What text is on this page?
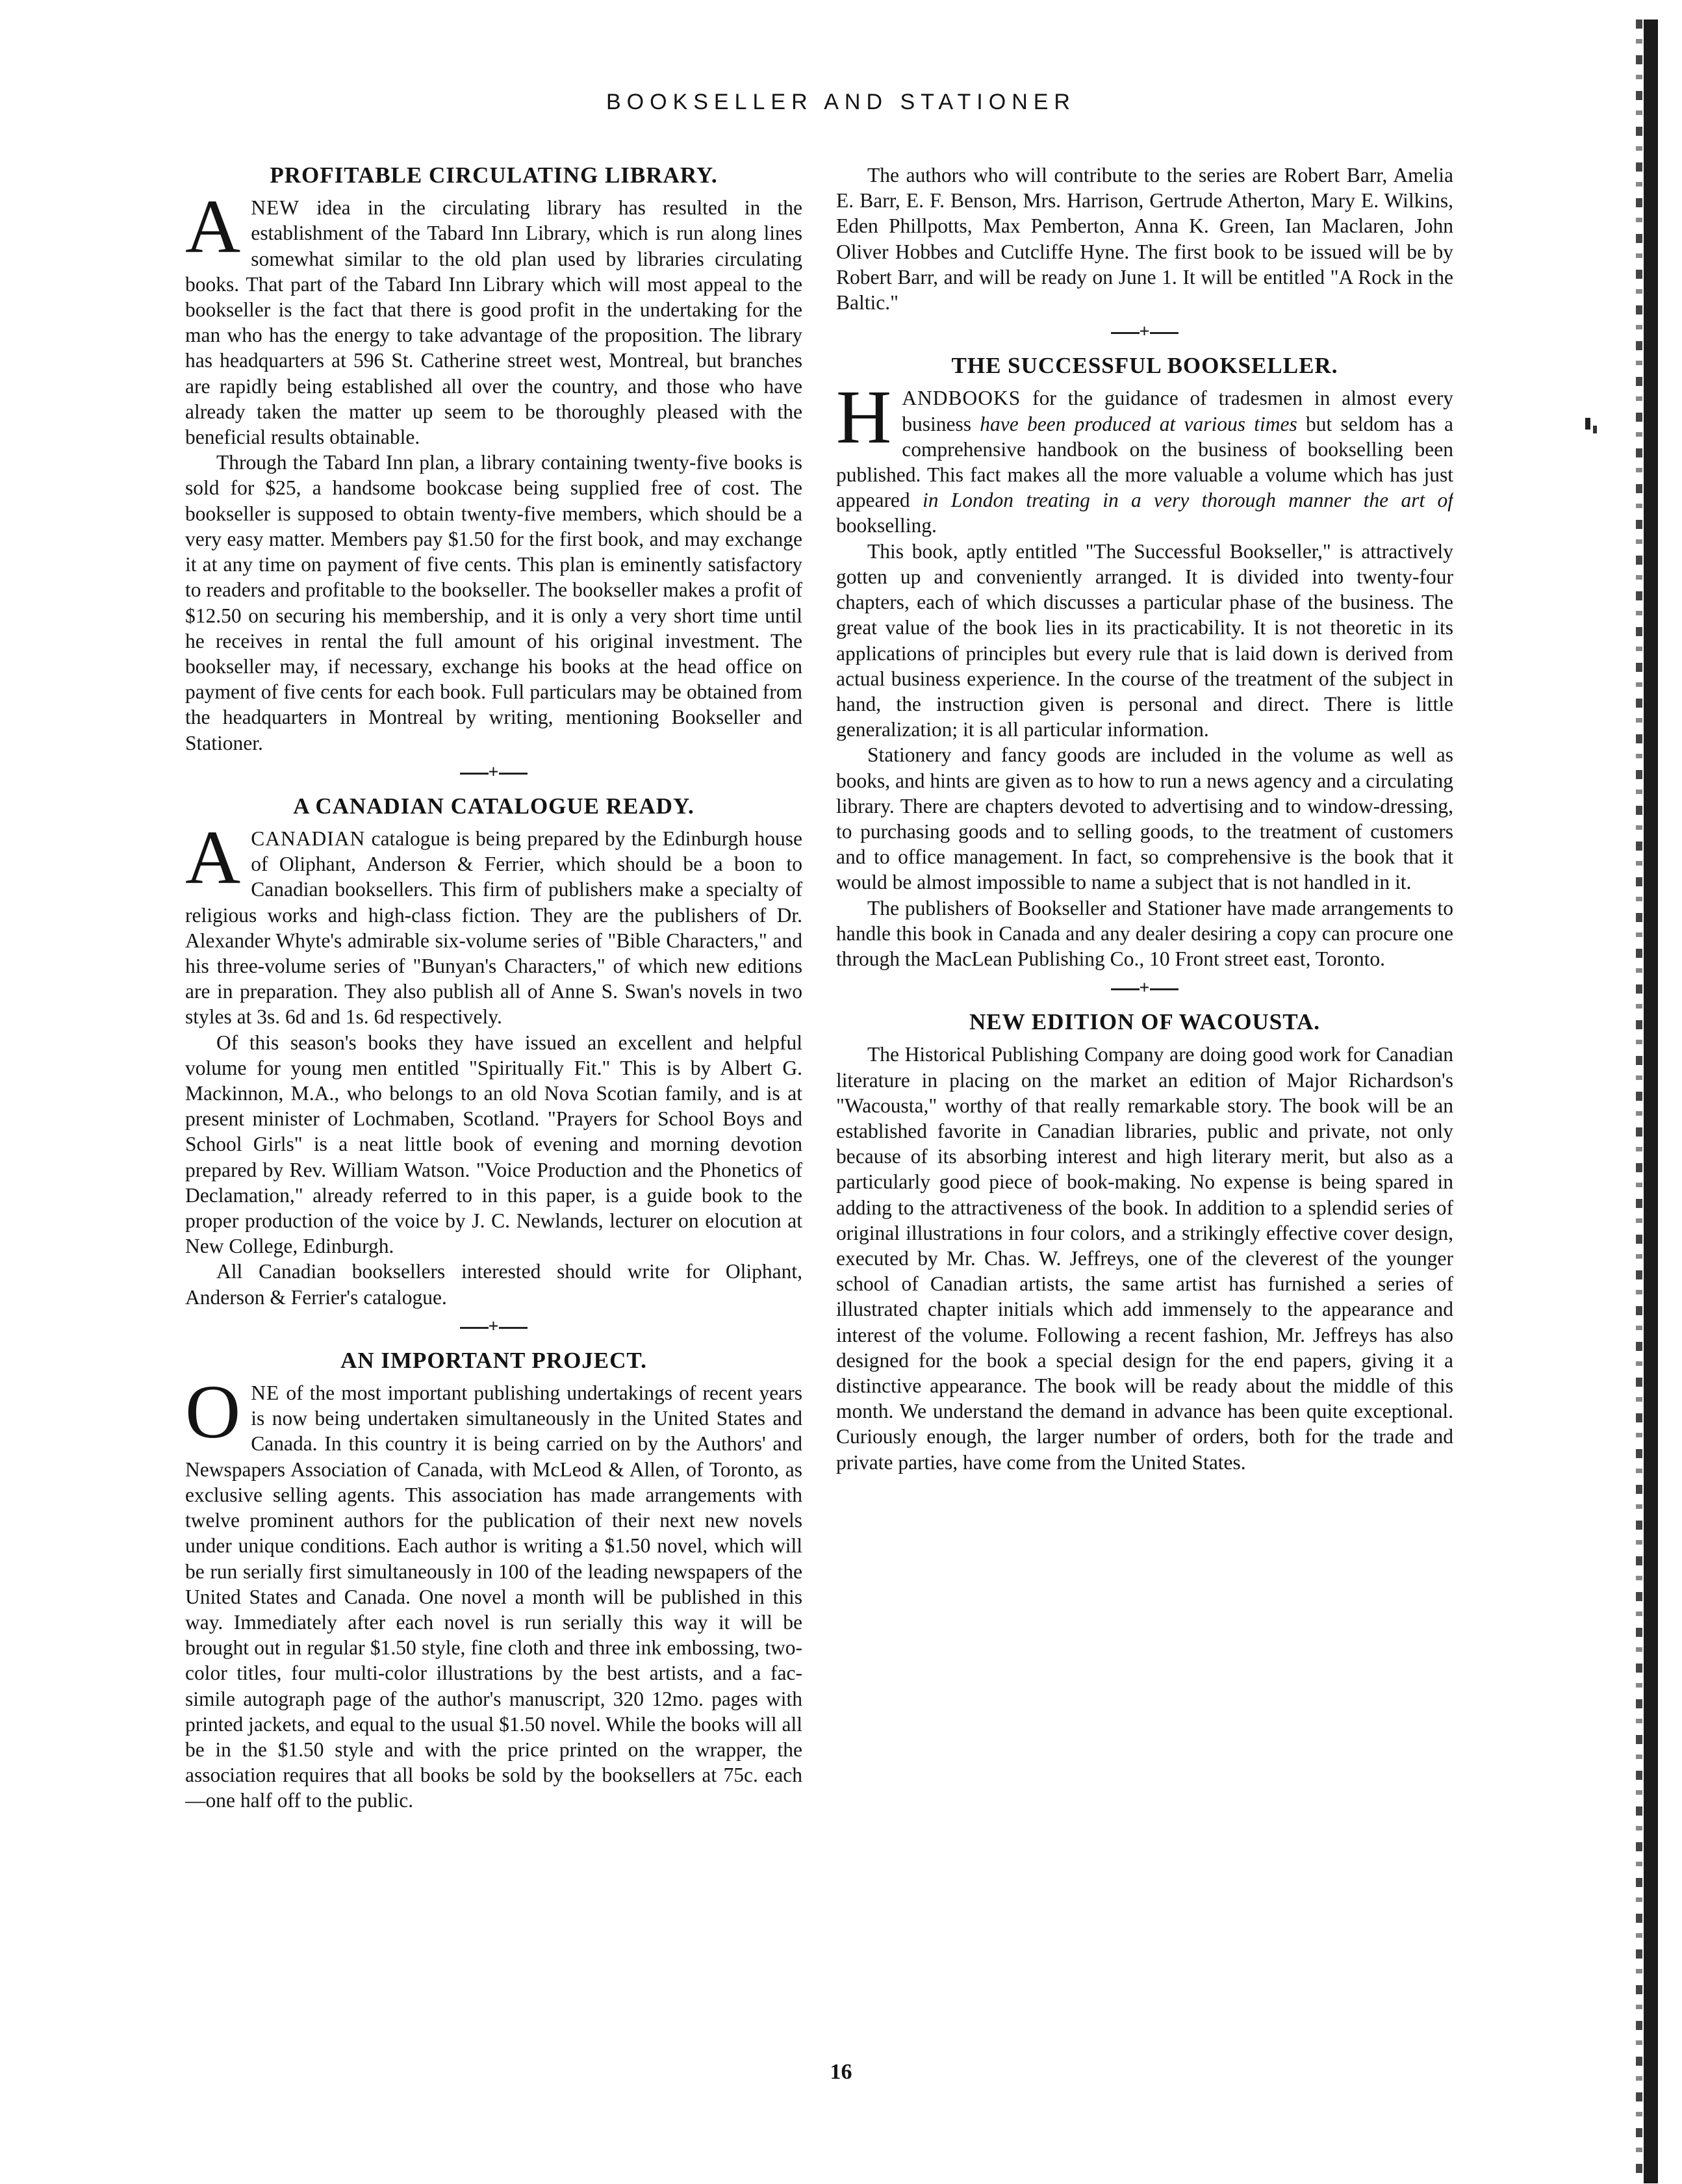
BOOKSELLER AND STATIONER
PROFITABLE CIRCULATING LIBRARY.

ANEW idea in the circulating library has resulted in the establishment of the Tabard Inn Library, which is run along lines somewhat similar to the old plan used by libraries circulating books. That part of the Tabard Inn Library which will most appeal to the bookseller is the fact that there is good profit in the undertaking for the man who has the energy to take advantage of the proposition. The library has headquarters at 596 St. Catherine street west, Montreal, but branches are rapidly being established all over the country, and those who have already taken the matter up seem to be thoroughly pleased with the beneficial results obtainable.

Through the Tabard Inn plan, a library containing twenty-five books is sold for $25, a handsome bookcase being supplied free of cost. The bookseller is supposed to obtain twenty-five members, which should be a very easy matter. Members pay $1.50 for the first book, and may exchange it at any time on payment of five cents. This plan is eminently satisfactory to readers and profitable to the bookseller. The bookseller makes a profit of $12.50 on securing his membership, and it is only a very short time until he receives in rental the full amount of his original investment. The bookseller may, if necessary, exchange his books at the head office on payment of five cents for each book. Full particulars may be obtained from the headquarters in Montreal by writing, mentioning Bookseller and Stationer.

+
A CANADIAN CATALOGUE READY.

ACANADIAN catalogue is being prepared by the Edinburgh house of Oliphant, Anderson & Ferrier, which should be a boon to Canadian booksellers. This firm of publishers make a specialty of religious works and high-class fiction. They are the publishers of Dr. Alexander Whyte's admirable six-volume series of "Bible Characters," and his three-volume series of "Bunyan's Characters," of which new editions are in preparation. They also publish all of Anne S. Swan's novels in two styles at 3s. 6d and 1s. 6d respectively.

Of this season's books they have issued an excellent and helpful volume for young men entitled "Spiritually Fit." This is by Albert G. Mackinnon, M.A., who belongs to an old Nova Scotian family, and is at present minister of Lochmaben, Scotland. "Prayers for School Boys and School Girls" is a neat little book of evening and morning devotion prepared by Rev. William Watson. "Voice Production and the Phonetics of Declamation," already referred to in this paper, is a guide book to the proper production of the voice by J. C. Newlands, lecturer on elocution at New College, Edinburgh.

All Canadian booksellers interested should write for Oliphant, Anderson & Ferrier's catalogue.

+
AN IMPORTANT PROJECT.

ONE of the most important publishing undertakings of recent years is now being undertaken simultaneously in the United States and Canada. In this country it is being carried on by the Authors' and Newspapers Association of Canada, with McLeod & Allen, of Toronto, as exclusive selling agents. This association has made arrangements with twelve prominent authors for the publication of their next new novels under unique conditions. Each author is writing a $1.50 novel, which will be run serially first simultaneously in 100 of the leading newspapers of the United States and Canada. One novel a month will be published in this way. Immediately after each novel is run serially this way it will be brought out in regular $1.50 style, fine cloth and three ink embossing, two-color titles, four multi-color illustrations by the best artists, and a fac-simile autograph page of the author's manuscript, 320 12mo. pages with printed jackets, and equal to the usual $1.50 novel. While the books will all be in the $1.50 style and with the price printed on the wrapper, the association requires that all books be sold by the booksellers at 75c. each—one half off to the public.

The authors who will contribute to the series are Robert Barr, Amelia E. Barr, E. F. Benson, Mrs. Harrison, Gertrude Atherton, Mary E. Wilkins, Eden Phillpotts, Max Pemberton, Anna K. Green, Ian Maclaren, John Oliver Hobbes and Cutcliffe Hyne. The first book to be issued will be by Robert Barr, and will be ready on June 1. It will be entitled "A Rock in the Baltic."

+
THE SUCCESSFUL BOOKSELLER.

HANDBOOKS for the guidance of tradesmen in almost every business have been produced at various times but seldom has a comprehensive handbook on the business of bookselling been published. This fact makes all the more valuable a volume which has just appeared in London treating in a very thorough manner the art of bookselling.

This book, aptly entitled "The Successful Bookseller," is attractively gotten up and conveniently arranged. It is divided into twenty-four chapters, each of which discusses a particular phase of the business. The great value of the book lies in its practicability. It is not theoretic in its applications of principles but every rule that is laid down is derived from actual business experience. In the course of the treatment of the subject in hand, the instruction given is personal and direct. There is little generalization; it is all particular information.

Stationery and fancy goods are included in the volume as well as books, and hints are given as to how to run a news agency and a circulating library. There are chapters devoted to advertising and to window-dressing, to purchasing goods and to selling goods, to the treatment of customers and to office management. In fact, so comprehensive is the book that it would be almost impossible to name a subject that is not handled in it.

The publishers of Bookseller and Stationer have made arrangements to handle this book in Canada and any dealer desiring a copy can procure one through the MacLean Publishing Co., 10 Front street east, Toronto.

+
NEW EDITION OF WACOUSTA.

The Historical Publishing Company are doing good work for Canadian literature in placing on the market an edition of Major Richardson's "Wacousta," worthy of that really remarkable story. The book will be an established favorite in Canadian libraries, public and private, not only because of its absorbing interest and high literary merit, but also as a particularly good piece of book-making. No expense is being spared in adding to the attractiveness of the book. In addition to a splendid series of original illustrations in four colors, and a strikingly effective cover design, executed by Mr. Chas. W. Jeffreys, one of the cleverest of the younger school of Canadian artists, the same artist has furnished a series of illustrated chapter initials which add immensely to the appearance and interest of the volume. Following a recent fashion, Mr. Jeffreys has also designed for the book a special design for the end papers, giving it a distinctive appearance. The book will be ready about the middle of this month. We understand the demand in advance has been quite exceptional. Curiously enough, the larger number of orders, both for the trade and private parties, have come from the United States.

16
